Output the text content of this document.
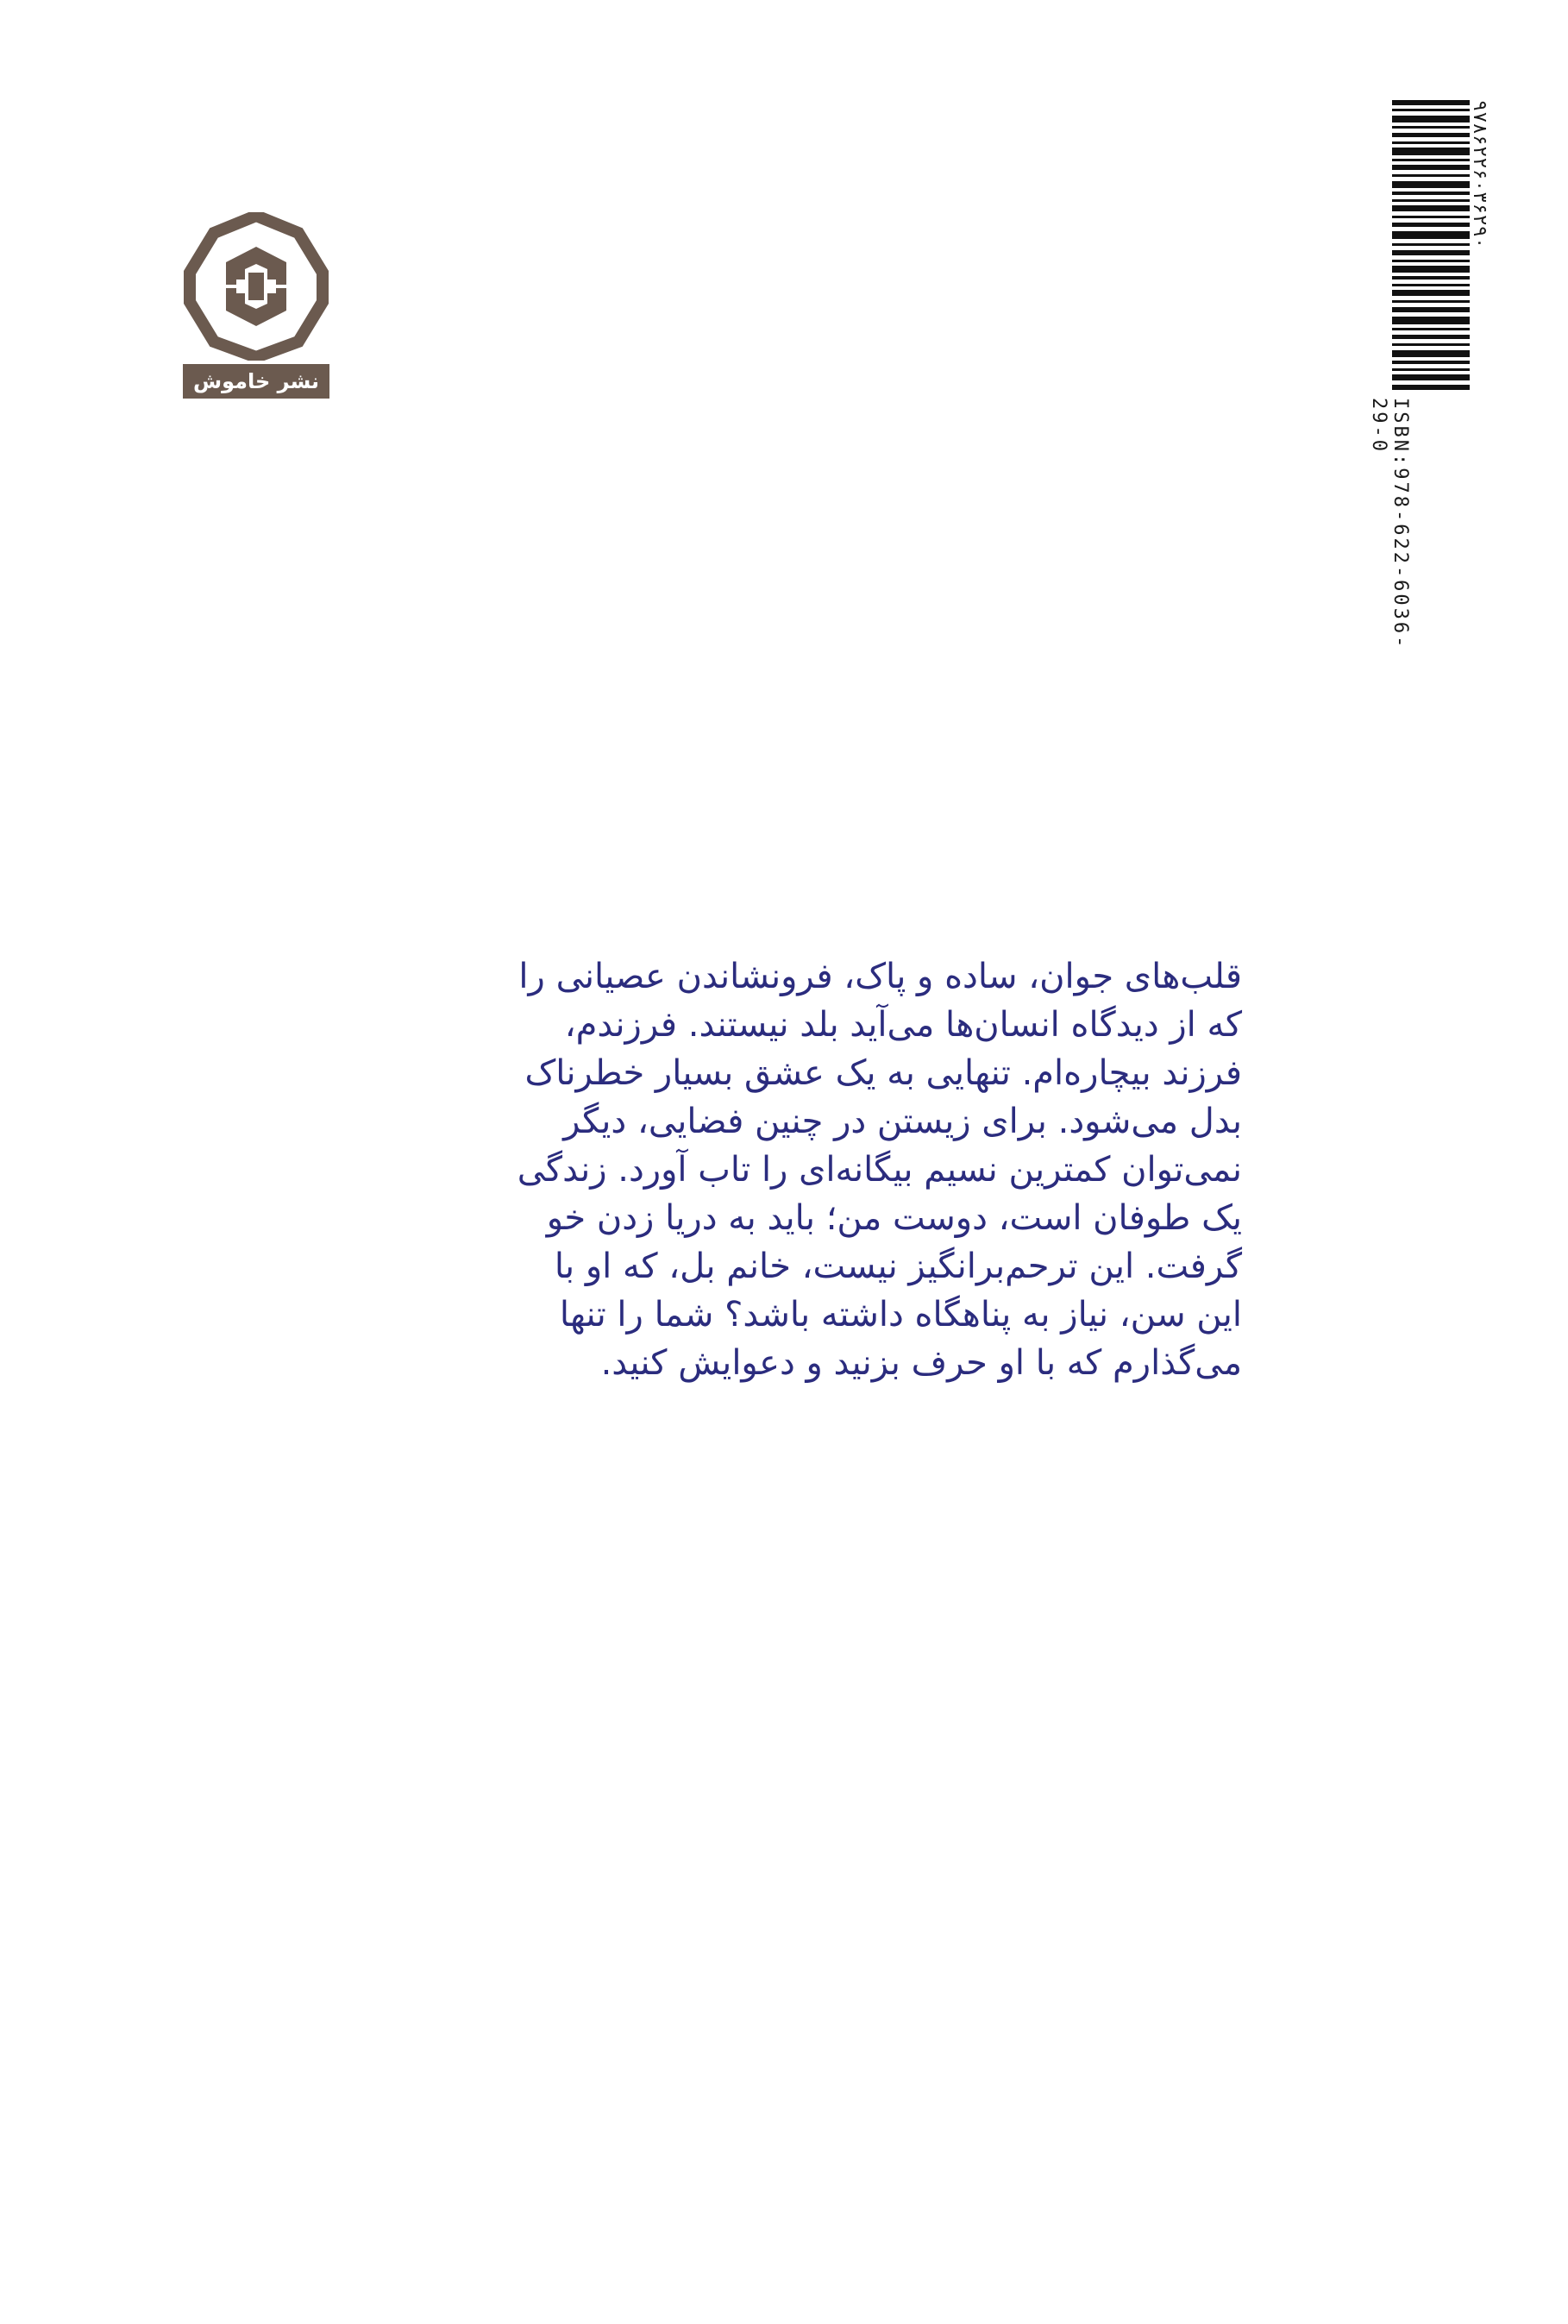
نشر خاموش
۹۷۸۶۲۲۶۰۳۶۲۹۰
ISBN:978-622-6036-29-0
قلب‌های جوان، ساده و پاک، فرونشاندن عصیانی را
که از دیدگاه انسان‌ها می‌آید بلد نیستند. فرزندم،
فرزند بیچاره‌ام. تنهایی به یک عشق بسیار خطرناک
بدل می‌شود. برای زیستن در چنین فضایی، دیگر
نمی‌توان کمترین نسیم بیگانه‌ای را تاب آورد. زندگی
یک طوفان است، دوست من؛ باید به دریا زدن خو
گرفت. این ترحم‌برانگیز نیست، خانم بل، که او با
این سن، نیاز به پناهگاه داشته باشد؟ شما را تنها
می‌گذارم که با او حرف بزنید و دعوایش کنید.
